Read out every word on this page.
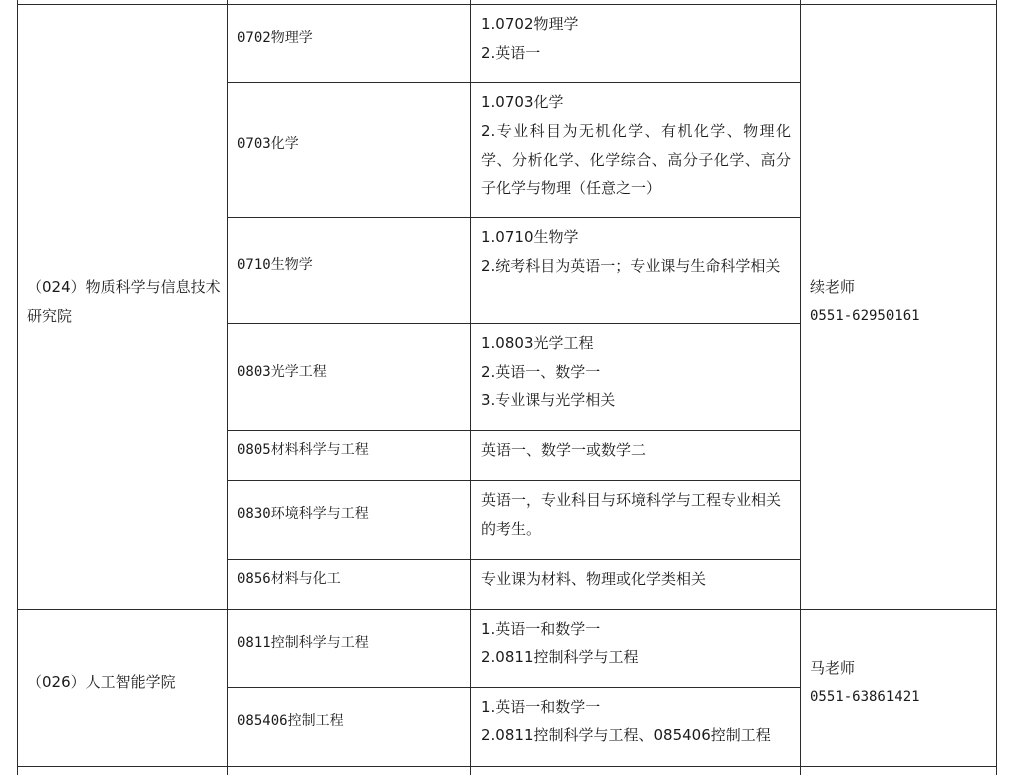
（024）物质科学与信息技术研究院
续老师
0551-62950161
0702物理学
1.0702物理学
2.英语一
0703化学
1.0703化学
2.专业科目为无机化学、有机化学、物理化学、分析化学、化学综合、高分子化学、高分子化学与物理（任意之一）
0710生物学
1.0710生物学
2.统考科目为英语一；专业课与生命科学相关
0803光学工程
1.0803光学工程
2.英语一、数学一
3.专业课与光学相关
0805材料科学与工程	英语一、数学一或数学二
0830环境科学与工程
英语一，专业科目与环境科学与工程专业相关的考生。
0856材料与化工	专业课为材料、物理或化学类相关
（026）人工智能学院
马老师
0551-63861421
0811控制科学与工程
1.英语一和数学一
2.0811控制科学与工程
085406控制工程
1.英语一和数学一
2.0811控制科学与工程、085406控制工程
